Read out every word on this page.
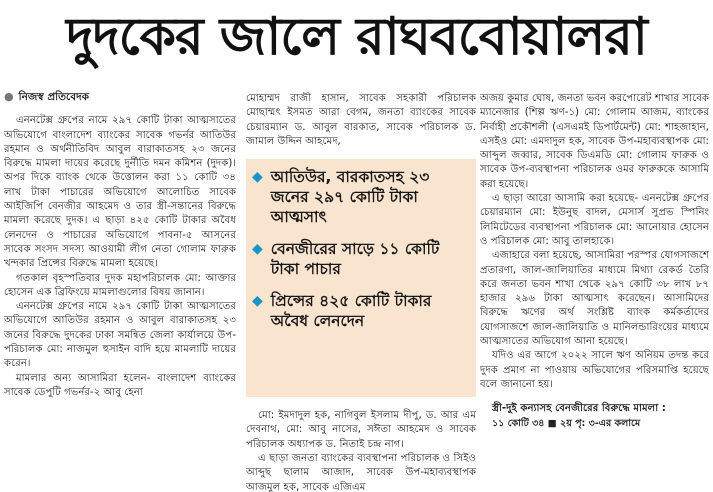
দুদকের জালে রাঘববোয়ালরা
● নিজস্ব প্রতিবেদক

এননটেক্স গ্রুপের নামে ২৯৭ কোটি টাকা আত্মসাতের অভিযোগে বাংলাদেশ ব্যাংকের সাবেক গভর্নর আতিউর রহমান ও অর্থনীতিবিদ আবুল বারাকাতসহ ২৩ জনের বিরুদ্ধে মামলা দায়ের করেছে দুর্নীতি দমন কমিশন (দুদক)। অপর দিকে ব্যাংক থেকে উত্তোলন করা ১১ কোটি ৩৪ লাখ টাকা পাচারের অভিযোগে আলোচিত সাবেক আইজিপি বেনজীর আহমেদ ও তার স্ত্রী-সন্তানের বিরুদ্ধে মামলা করেছে দুদক। এ ছাড়া ৪২৫ কোটি টাকার অবৈধ লেনদেন ও পাচারের অভিযোগে পাবনা-৫ আসনের সাবেক সংসদ সদস্য আওয়ামী লীগ নেতা গোলাম ফারুক খন্দকার প্রিন্সের বিরুদ্ধে মামলা হয়েছে।

গতকাল বৃহস্পতিবার দুদক মহাপরিচালক মো: আক্তার হোসেন এক ব্রিফিংয়ে মামলাগুলোর বিষয় জানান।

এননটেক্স গ্রুপের নামে ২৯৭ কোটি টাকা আত্মসাতের অভিযোগে আতিউর রহমান ও আবুল বারাকাতসহ ২৩ জনের বিরুদ্ধে দুদকের ঢাকা সমন্বিত জেলা কার্যালয়ে উপ-পরিচালক মো: নাজমুল হুসাইন বাদি হয়ে মামলাটি দায়ের করেন।

মামলার অন্য আসামিরা হলেন- বাংলাদেশ ব্যাংকের সাবেক ডেপুটি গভর্নর-২ আবু হেনা

মোহাম্মদ রাজী হাসান, সাবেক সহকারী পরিচালক মোছাম্মৎ ইসমত আরা বেগম, জনতা ব্যাংকের সাবেক চেয়ারম্যান ড. আবুল বারকাত, সাবেক পরিচালক ড. জামাল উদ্দিন আহমেদ,

◆ আতিউর, বারকাতসহ ২৩ জনের ২৯৭ কোটি টাকা আত্মসাৎ
◆ বেনজীরের সাড়ে ১১ কোটি টাকা পাচার
◆ প্রিন্সের ৪২৫ কোটি টাকার অবৈধ লেনদেন

মো: ইমদাদুল হক, নাগিবুল ইসলাম দীপু, ড. আর এম দেবনাথ, মো: আবু নাসের, সঈতা আহমেদ ও সাবেক পরিচালক অধ্যাপক ড. নিতাই চন্দ্র নাগ।

এ ছাড়া জনতা ব্যাংকের ব্যবস্থাপনা পরিচালক ও সিইও আব্দুছ ছালাম আজাদ, সাবেক উপ-মহাব্যবস্থাপক আজমুল হক, সাবেক এজিএম

অজয় কুমার ঘোষ, জনতা ভবন করপোরেট শাখার সাবেক ম্যানেজার (শিল্প ঋণ-১) মো: গোলাম আজম, ব্যাংকের নির্বাহী প্রকৌশলী (এসএমই ডিপার্টমেন্ট) মো: শাহজাহান, এসইও মো: এমদাদুল হক, সাবেক উপ-মহাব্যবস্থাপক মো: আব্দুল জব্বার, সাবেক ডিএমডি মো: গোলাম ফারুক ও সাবেক উপ-ব্যবস্থাপনা পরিচালক ওমর ফারুককে আসামি করা হয়েছে।

এ ছাড়া আরো আসামি করা হয়েছে- এননটেক্স গ্রুপের চেয়ারম্যান মো: ইউনুছ বাদল, মেসার্স সুপ্রভ স্পিনিং লিমিটেডের ব্যবস্থাপনা পরিচালক মো: আনোয়ার হোসেন ও পরিচালক মো: আবু তালহাকে।

এজাহারে বলা হয়েছে, আসামিরা পরস্পর যোগসাজশে প্রতারণা, জাল-জালিয়াতির মাধ্যমে মিথ্যা রেকর্ড তৈরি করে জনতা ভবন শাখা থেকে ২৯৭ কোটি ৩৮ লাখ ৮৭ হাজার ২৯৬ টাকা আত্মসাৎ করেছেন। আসামিদের বিরুদ্ধে ঋণের অর্থ সংশ্লিষ্ট ব্যাংক কর্মকর্তাদের যোগসাজশে জাল-জালিয়াতি ও মানিলন্ডারিংয়ের মাধ্যমে আত্মসাতের অভিযোগ আনা হয়েছে।

যদিও এর আগে ২০২২ সালে ঋণ অনিয়ম তদন্ত করে দুদক প্রমাণ না পাওয়ায় অভিযোগের পরিসমাপ্তি হয়েছে বলে জানানো হয়।

স্ত্রী-দুই কন্যাসহ বেনজীরের বিরুদ্ধে মামলা :

১১ কোটি ৩৪ ■ ২য় পৃ: ৩-এর কলামে
